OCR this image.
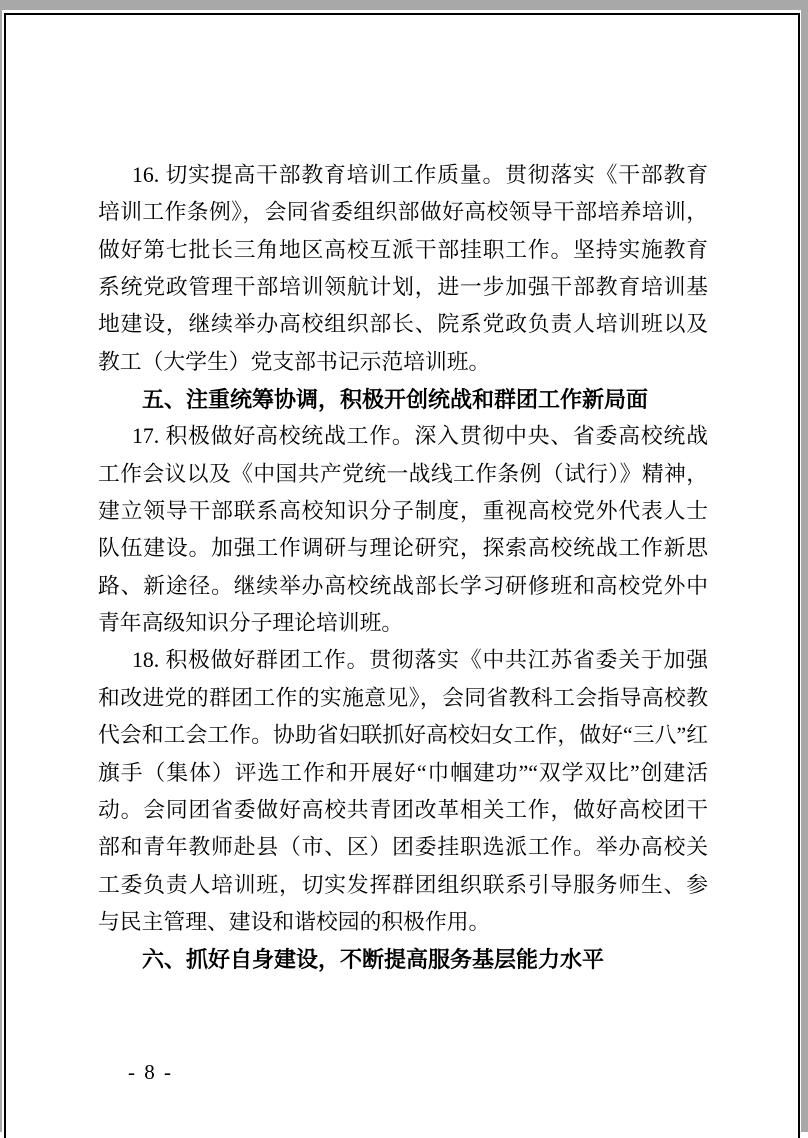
16. 切实提高干部教育培训工作质量。贯彻落实《干部教育培训工作条例》，会同省委组织部做好高校领导干部培养培训，做好第七批长三角地区高校互派干部挂职工作。坚持实施教育系统党政管理干部培训领航计划，进一步加强干部教育培训基地建设，继续举办高校组织部长、院系党政负责人培训班以及教工（大学生）党支部书记示范培训班。

五、注重统筹协调，积极开创统战和群团工作新局面

17. 积极做好高校统战工作。深入贯彻中央、省委高校统战工作会议以及《中国共产党统一战线工作条例（试行）》精神，建立领导干部联系高校知识分子制度，重视高校党外代表人士队伍建设。加强工作调研与理论研究，探索高校统战工作新思路、新途径。继续举办高校统战部长学习研修班和高校党外中青年高级知识分子理论培训班。

18. 积极做好群团工作。贯彻落实《中共江苏省委关于加强和改进党的群团工作的实施意见》，会同省教科工会指导高校教代会和工会工作。协助省妇联抓好高校妇女工作，做好“三八”红旗手（集体）评选工作和开展好“巾帼建功”“双学双比”创建活动。会同团省委做好高校共青团改革相关工作，做好高校团干部和青年教师赴县（市、区）团委挂职选派工作。举办高校关工委负责人培训班，切实发挥群团组织联系引导服务师生、参与民主管理、建设和谐校园的积极作用。

六、抓好自身建设，不断提高服务基层能力水平
- 8 -
